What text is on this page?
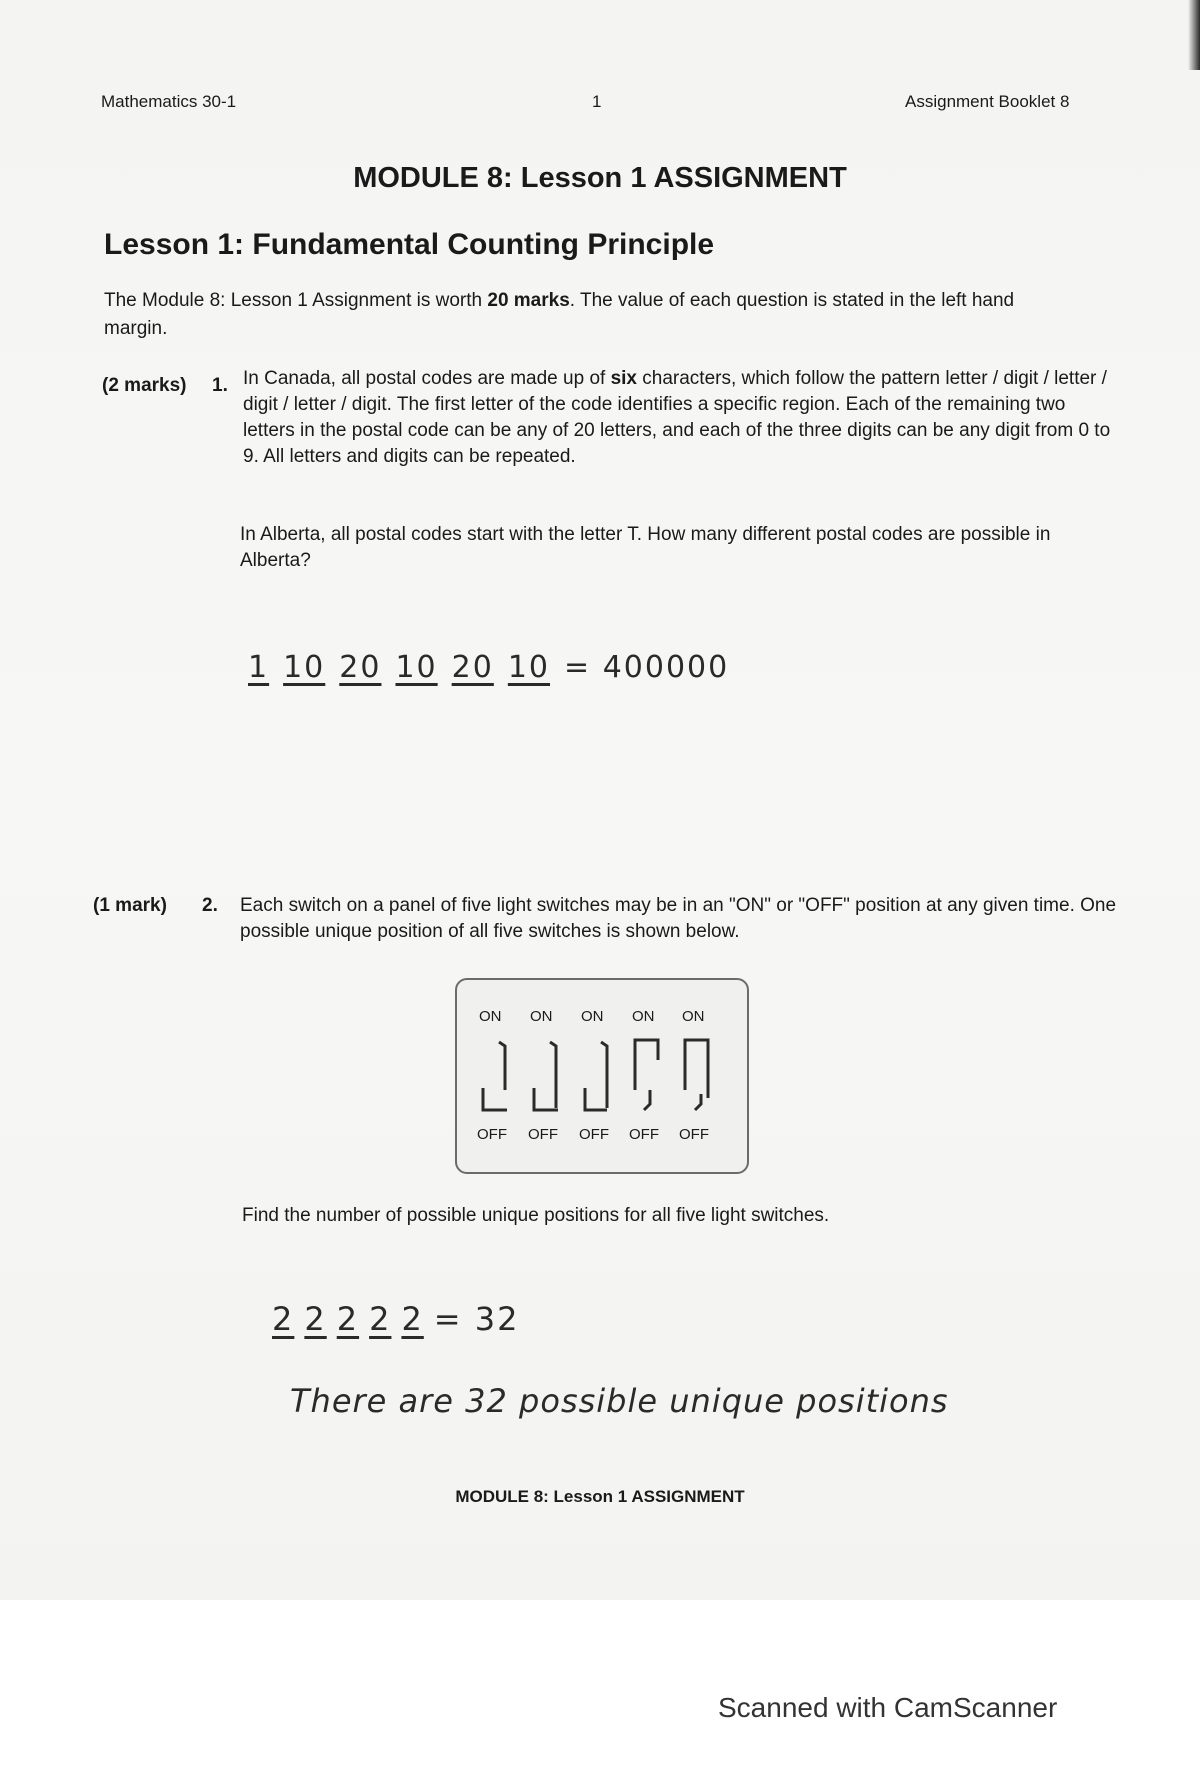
Mathematics 30-1	1	Assignment Booklet 8
MODULE 8: Lesson 1 ASSIGNMENT
Lesson 1: Fundamental Counting Principle
The Module 8: Lesson 1 Assignment is worth 20 marks. The value of each question is stated in the left hand margin.
(2 marks) 1. In Canada, all postal codes are made up of six characters, which follow the pattern letter / digit / letter / digit / letter / digit. The first letter of the code identifies a specific region. Each of the remaining two letters in the postal code can be any of 20 letters, and each of the three digits can be any digit from 0 to 9. All letters and digits can be repeated.

In Alberta, all postal codes start with the letter T. How many different postal codes are possible in Alberta?
1 10 20 10 20 10 = 400000
(1 mark) 2. Each switch on a panel of five light switches may be in an "ON" or "OFF" position at any given time. One possible unique position of all five switches is shown below.
ON ON ON ON ON
OFF OFF OFF OFF OFF
Find the number of possible unique positions for all five light switches.
2 2 2 2 2 = 32
There are 32 possible unique positions
MODULE 8: Lesson 1 ASSIGNMENT
Scanned with CamScanner
